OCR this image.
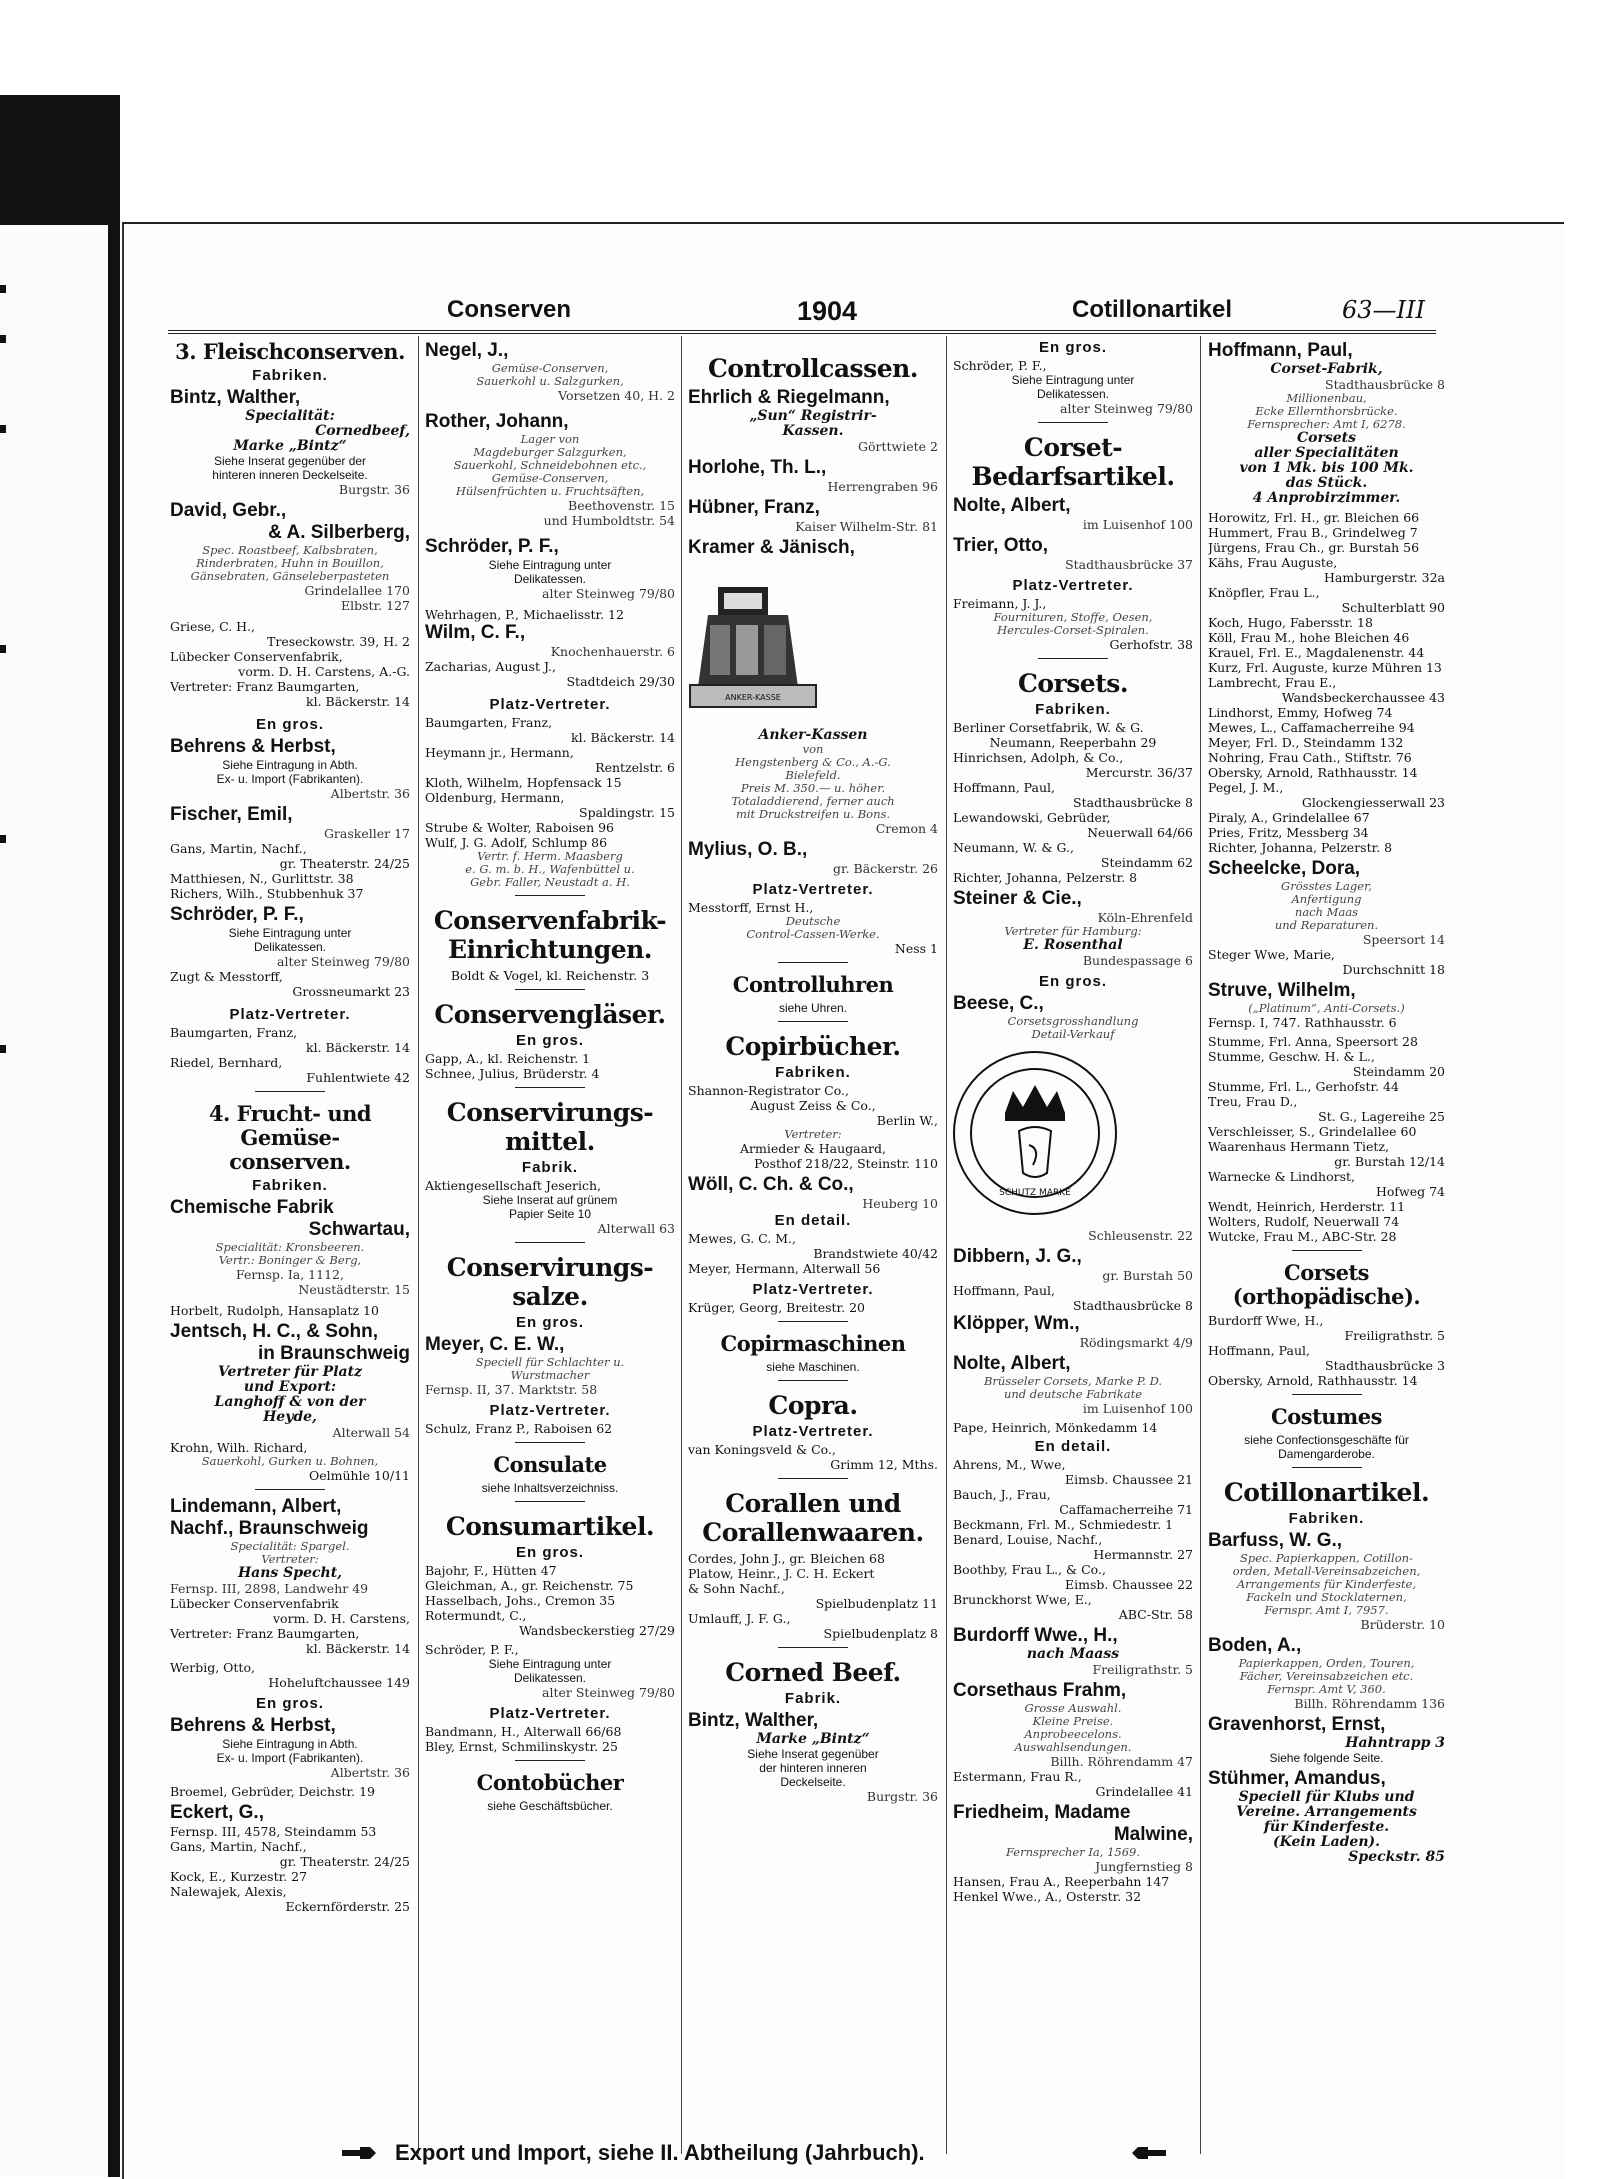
Conserven	1904	Cotillonartikel	63—III
3. Fleischconserven.
Fabriken.
Bintz, Walther,
Specialität:
Cornedbeef,
Marke „Bintz“
Siehe Inserat gegenüber der
hinteren inneren Deckelseite.
Burgstr. 36
David, Gebr.,
& A. Silberberg,
Spec. Roastbeef, Kalbsbraten,
Rinderbraten, Huhn in Bouillon,
Gänsebraten, Gänseleberpasteten
Grindelallee 170
Elbstr. 127
Griese, C. H.,
Treseckowstr. 39, H. 2
Lübecker Conservenfabrik,
vorm. D. H. Carstens, A.-G.
Vertreter: Franz Baumgarten,
kl. Bäckerstr. 14
En gros.
Behrens & Herbst,
Siehe Eintragung in Abth.
Ex- u. Import (Fabrikanten).
Albertstr. 36
Fischer, Emil,
Graskeller 17
Gans, Martin, Nachf.,
gr. Theaterstr. 24/25
Matthiesen, N., Gurlittstr. 38
Richers, Wilh., Stubbenhuk 37
Schröder, P. F.,
Siehe Eintragung unter
Delikatessen.
alter Steinweg 79/80
Zugt & Messtorff,
Grossneumarkt 23
Platz-Vertreter.
Baumgarten, Franz,
kl. Bäckerstr. 14
Riedel, Bernhard,
Fuhlentwiete 42
4. Frucht- und Gemüse-
conserven.
Fabriken.
Chemische Fabrik
Schwartau,
Specialität: Kronsbeeren.
Vertr.: Boninger & Berg,
Fernsp. Ia, 1112,
Neustädterstr. 15
Horbelt, Rudolph, Hansaplatz 10
Jentsch, H. C., & Sohn,
in Braunschweig
Vertreter für Platz
und Export:
Langhoff & von der
Heyde,
Alterwall 54
Krohn, Wilh. Richard,
Sauerkohl, Gurken u. Bohnen,
Oelmühle 10/11
Lindemann, Albert,
Nachf., Braunschweig
Specialität: Spargel.
Vertreter:
Hans Specht,
Fernsp. III, 2898, Landwehr 49
Lübecker Conservenfabrik
vorm. D. H. Carstens,
Vertreter: Franz Baumgarten,
kl. Bäckerstr. 14
Werbig, Otto,
Hoheluftchaussee 149
En gros.
Behrens & Herbst,
Siehe Eintragung in Abth.
Ex- u. Import (Fabrikanten).
Albertstr. 36
Broemel, Gebrüder, Deichstr. 19
Eckert, G.,
Fernsp. III, 4578, Steindamm 53
Gans, Martin, Nachf.,
gr. Theaterstr. 24/25
Kock, E., Kurzestr. 27
Nalewajek, Alexis,
Eckernförderstr. 25
Negel, J.,
Gemüse-Conserven,
Sauerkohl u. Salzgurken,
Vorsetzen 40, H. 2
Rother, Johann,
Lager von
Magdeburger Salzgurken,
Sauerkohl, Schneidebohnen etc.,
Gemüse-Conserven,
Hülsenfrüchten u. Fruchtsäften,
Beethovenstr. 15
und Humboldtstr. 54
Schröder, P. F.,
Siehe Eintragung unter
Delikatessen.
alter Steinweg 79/80
Wehrhagen, P., Michaelisstr. 12
Wilm, C. F.,
Knochenhauerstr. 6
Zacharias, August J.,
Stadtdeich 29/30
Platz-Vertreter.
Baumgarten, Franz,
kl. Bäckerstr. 14
Heymann jr., Hermann,
Rentzelstr. 6
Kloth, Wilhelm, Hopfensack 15
Oldenburg, Hermann,
Spaldingstr. 15
Strube & Wolter, Raboisen 96
Wulf, J. G. Adolf, Schlump 86
Vertr. f. Herm. Maasberg
e. G. m. b. H., Wafenbüttel u.
Gebr. Faller, Neustadt a. H.
Conservenfabrik-
Einrichtungen.
Boldt & Vogel, kl. Reichenstr. 3
Conservengläser.
En gros.
Gapp, A., kl. Reichenstr. 1
Schnee, Julius, Brüderstr. 4
Conservirungs-
mittel.
Fabrik.
Aktiengesellschaft Jeserich,
Siehe Inserat auf grünem
Papier Seite 10
Alterwall 63
Conservirungs-
salze.
En gros.
Meyer, C. E. W.,
Speciell für Schlachter u.
Wurstmacher
Fernsp. II, 37. Marktstr. 58
Platz-Vertreter.
Schulz, Franz P., Raboisen 62
Consulate
siehe Inhaltsverzeichniss.
Consumartikel.
En gros.
Bajohr, F., Hütten 47
Gleichman, A., gr. Reichenstr. 75
Hasselbach, Johs., Cremon 35
Rotermundt, C.,
Wandsbeckerstieg 27/29
Schröder, P. F.,
Siehe Eintragung unter
Delikatessen.
alter Steinweg 79/80
Platz-Vertreter.
Bandmann, H., Alterwall 66/68
Bley, Ernst, Schmilinskystr. 25
Contobücher
siehe Geschäftsbücher.
Controllcassen.
Ehrlich & Riegelmann,
„Sun“ Registrir-
Kassen.
Görttwiete 2
Horlohe, Th. L.,
Herrengraben 96
Hübner, Franz,
Kaiser Wilhelm-Str. 81
Kramer & Jänisch,
ANKER-KASSE
Anker-Kassen
von
Hengstenberg & Co., A.-G.
Bielefeld.
Preis M. 350.— u. höher.
Totaladdierend, ferner auch
mit Druckstreifen u. Bons.
Cremon 4
Mylius, O. B.,
gr. Bäckerstr. 26
Platz-Vertreter.
Messtorff, Ernst H.,
Deutsche
Control-Cassen-Werke.
Ness 1
Controlluhren
siehe Uhren.
Copirbücher.
Fabriken.
Shannon-Registrator Co.,
August Zeiss & Co.,
Berlin W.,
Vertreter:
Armieder & Haugaard,
Posthof 218/22, Steinstr. 110
Wöll, C. Ch. & Co.,
Heuberg 10
En detail.
Mewes, G. C. M.,
Brandstwiete 40/42
Meyer, Hermann, Alterwall 56
Platz-Vertreter.
Krüger, Georg, Breitestr. 20
Copirmaschinen
siehe Maschinen.
Copra.
Platz-Vertreter.
van Koningsveld & Co.,
Grimm 12, Mths.
Corallen und
Corallenwaaren.
Cordes, John J., gr. Bleichen 68
Platow, Heinr., J. C. H. Eckert
& Sohn Nachf.,
Spielbudenplatz 11
Umlauff, J. F. G.,
Spielbudenplatz 8
Corned Beef.
Fabrik.
Bintz, Walther,
Marke „Bintz“
Siehe Inserat gegenüber
der hinteren inneren
Deckelseite.
Burgstr. 36
En gros.
Schröder, P. F.,
Siehe Eintragung unter
Delikatessen.
alter Steinweg 79/80
Corset-
Bedarfsartikel.
Nolte, Albert,
im Luisenhof 100
Trier, Otto,
Stadthausbrücke 37
Platz-Vertreter.
Freimann, J. J.,
Fournituren, Stoffe, Oesen,
Hercules-Corset-Spiralen.
Gerhofstr. 38
Corsets.
Fabriken.
Berliner Corsetfabrik, W. & G.
Neumann, Reeperbahn 29
Hinrichsen, Adolph, & Co.,
Mercurstr. 36/37
Hoffmann, Paul,
Stadthausbrücke 8
Lewandowski, Gebrüder,
Neuerwall 64/66
Neumann, W. & G.,
Steindamm 62
Richter, Johanna, Pelzerstr. 8
Steiner & Cie.,
Köln-Ehrenfeld
Vertreter für Hamburg:
E. Rosenthal
Bundespassage 6
En gros.
Beese, C.,
Corsetsgrosshandlung
Detail-Verkauf
SCHUTZ MARKE
Schleusenstr. 22
Dibbern, J. G.,
gr. Burstah 50
Hoffmann, Paul,
Stadthausbrücke 8
Klöpper, Wm.,
Rödingsmarkt 4/9
Nolte, Albert,
Brüsseler Corsets, Marke P. D.
und deutsche Fabrikate
im Luisenhof 100
Pape, Heinrich, Mönkedamm 14
En detail.
Ahrens, M., Wwe,
Eimsb. Chaussee 21
Bauch, J., Frau,
Caffamacherreihe 71
Beckmann, Frl. M., Schmiedestr. 1
Benard, Louise, Nachf.,
Hermannstr. 27
Boothby, Frau L., & Co.,
Eimsb. Chaussee 22
Brunckhorst Wwe, E.,
ABC-Str. 58
Burdorff Wwe., H.,
nach Maass
Freiligrathstr. 5
Corsethaus Frahm,
Grosse Auswahl.
Kleine Preise.
Anprobeecelons.
Auswahlsendungen.
Billh. Röhrendamm 47
Estermann, Frau R.,
Grindelallee 41
Friedheim, Madame
Malwine,
Fernsprecher Ia, 1569.
Jungfernstieg 8
Hansen, Frau A., Reeperbahn 147
Henkel Wwe., A., Osterstr. 32
Hoffmann, Paul,
Corset-Fabrik,
Stadthausbrücke 8
Millionenbau,
Ecke Ellernthorsbrücke.
Fernsprecher: Amt I, 6278.
Corsets
aller Specialitäten
von 1 Mk. bis 100 Mk.
das Stück.
4 Anprobirzimmer.
Horowitz, Frl. H., gr. Bleichen 66
Hummert, Frau B., Grindelweg 7
Jürgens, Frau Ch., gr. Burstah 56
Kähs, Frau Auguste,
Hamburgerstr. 32a
Knöpfler, Frau L.,
Schulterblatt 90
Koch, Hugo, Fabersstr. 18
Köll, Frau M., hohe Bleichen 46
Krauel, Frl. E., Magdalenenstr. 44
Kurz, Frl. Auguste, kurze Mühren 13
Lambrecht, Frau E.,
Wandsbeckerchaussee 43
Lindhorst, Emmy, Hofweg 74
Mewes, L., Caffamacherreihe 94
Meyer, Frl. D., Steindamm 132
Nohring, Frau Cath., Stiftstr. 76
Obersky, Arnold, Rathhausstr. 14
Pegel, J. M.,
Glockengiesserwall 23
Piraly, A., Grindelallee 67
Pries, Fritz, Messberg 34
Richter, Johanna, Pelzerstr. 8
Scheelcke, Dora,
Grösstes Lager,
Anfertigung
nach Maas
und Reparaturen.
Speersort 14
Steger Wwe, Marie,
Durchschnitt 18
Struve, Wilhelm,
(„Platinum“, Anti-Corsets.)
Fernsp. I, 747. Rathhausstr. 6
Stumme, Frl. Anna, Speersort 28
Stumme, Geschw. H. & L.,
Steindamm 20
Stumme, Frl. L., Gerhofstr. 44
Treu, Frau D.,
St. G., Lagereihe 25
Verschleisser, S., Grindelallee 60
Waarenhaus Hermann Tietz,
gr. Burstah 12/14
Warnecke & Lindhorst,
Hofweg 74
Wendt, Heinrich, Herderstr. 11
Wolters, Rudolf, Neuerwall 74
Wutcke, Frau M., ABC-Str. 28
Corsets
(orthopädische).
Burdorff Wwe, H.,
Freiligrathstr. 5
Hoffmann, Paul,
Stadthausbrücke 3
Obersky, Arnold, Rathhausstr. 14
Costumes
siehe Confectionsgeschäfte für
Damengarderobe.
Cotillonartikel.
Fabriken.
Barfuss, W. G.,
Spec. Papierkappen, Cotillon-
orden, Metall-Vereinsabzeichen,
Arrangements für Kinderfeste,
Fackeln und Stocklaternen,
Fernspr. Amt I, 7957.
Brüderstr. 10
Boden, A.,
Papierkappen, Orden, Touren,
Fächer, Vereinsabzeichen etc.
Fernspr. Amt V, 360.
Billh. Röhrendamm 136
Gravenhorst, Ernst,
Hahntrapp 3
Siehe folgende Seite.
Stühmer, Amandus,
Speciell für Klubs und
Vereine. Arrangements
für Kinderfeste.
(Kein Laden).
Speckstr. 85
Export und Import, siehe II. Abtheilung (Jahrbuch).
